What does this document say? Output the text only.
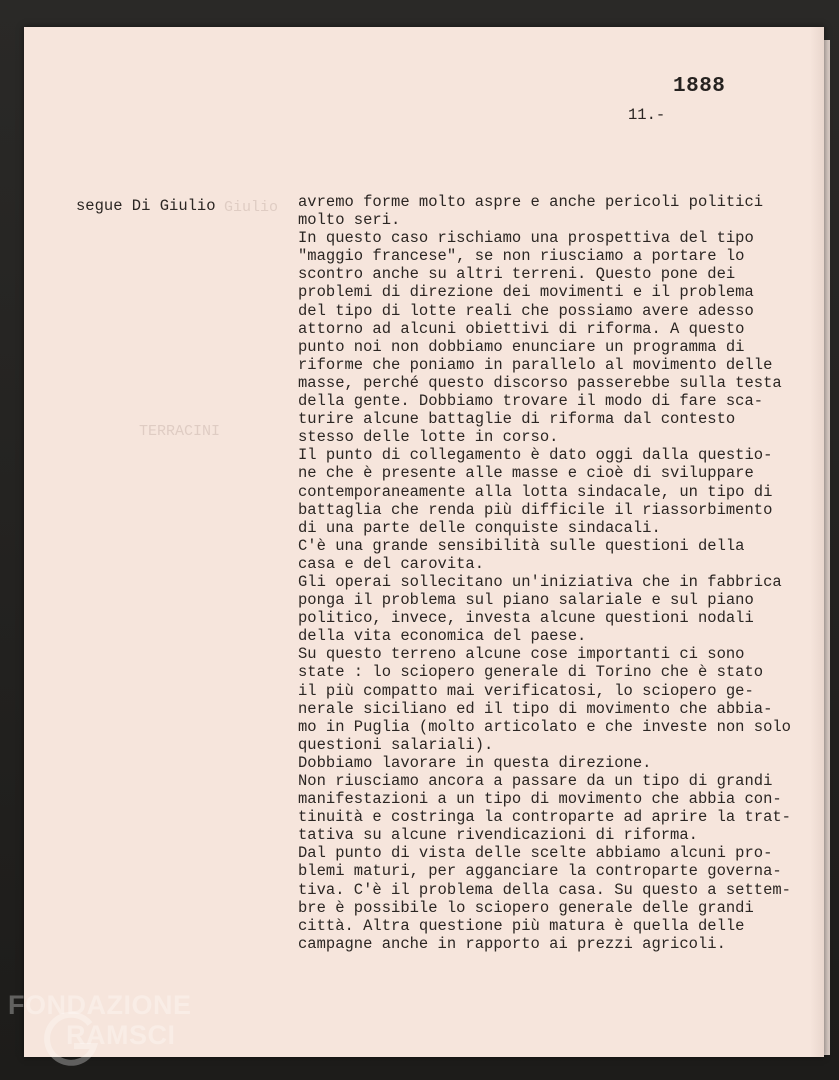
Giulio
TERRACINI
1888
11.-
segue Di Giulio	avremo forme molto aspre e anche pericoli politici
molto seri.
In questo caso rischiamo una prospettiva del tipo
"maggio francese", se non riusciamo a portare lo
scontro anche su altri terreni. Questo pone dei
problemi di direzione dei movimenti e il problema
del tipo di lotte reali che possiamo avere adesso
attorno ad alcuni obiettivi di riforma. A questo
punto noi non dobbiamo enunciare un programma di
riforme che poniamo in parallelo al movimento delle
masse, perché questo discorso passerebbe sulla testa
della gente. Dobbiamo trovare il modo di fare sca-
turire alcune battaglie di riforma dal contesto
stesso delle lotte in corso.
Il punto di collegamento è dato oggi dalla questio-
ne che è presente alle masse e cioè di sviluppare
contemporaneamente alla lotta sindacale, un tipo di
battaglia che renda più difficile il riassorbimento
di una parte delle conquiste sindacali.
C'è una grande sensibilità sulle questioni della
casa e del carovita.
Gli operai sollecitano un'iniziativa che in fabbrica
ponga il problema sul piano salariale e sul piano
politico, invece, investa alcune questioni nodali
della vita economica del paese.
Su questo terreno alcune cose importanti ci sono
state : lo sciopero generale di Torino che è stato
il più compatto mai verificatosi, lo sciopero ge-
nerale siciliano ed il tipo di movimento che abbia-
mo in Puglia (molto articolato e che investe non solo
questioni salariali).
Dobbiamo lavorare in questa direzione.
Non riusciamo ancora a passare da un tipo di grandi
manifestazioni a un tipo di movimento che abbia con-
tinuità e costringa la controparte ad aprire la trat-
tativa su alcune rivendicazioni di riforma.
Dal punto di vista delle scelte abbiamo alcuni pro-
blemi maturi, per agganciare la controparte governa-
tiva. C'è il problema della casa. Su questo a settem-
bre è possibile lo sciopero generale delle grandi
città. Altra questione più matura è quella delle
campagne anche in rapporto ai prezzi agricoli.
FONDAZIONE
RAMSCI
